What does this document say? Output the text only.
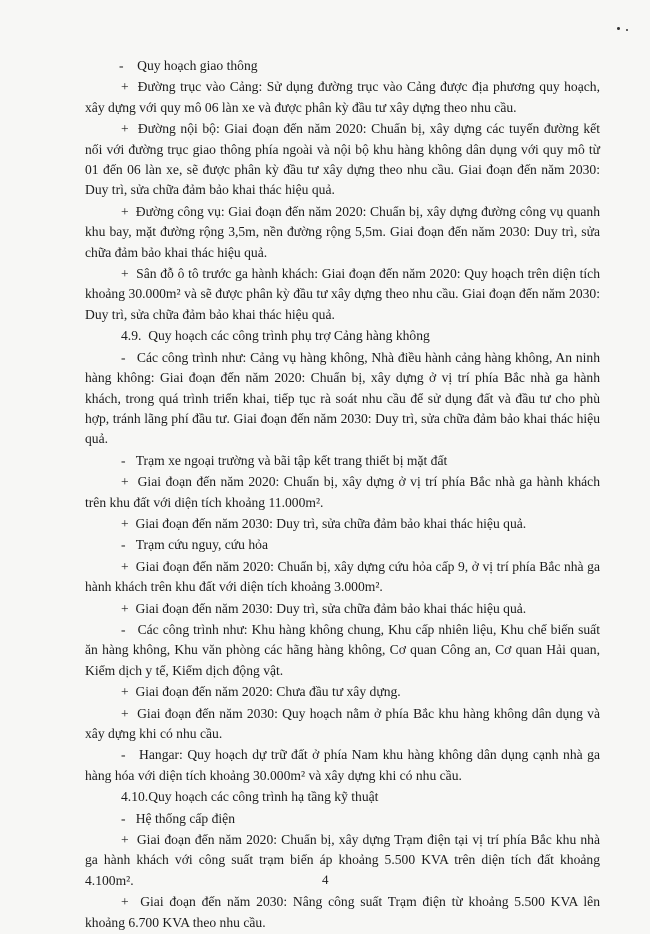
-    Quy hoạch giao thông

+  Đường trục vào Cảng: Sử dụng đường trục vào Cảng được địa phương quy hoạch, xây dựng với quy mô 06 làn xe và được phân kỳ đầu tư xây dựng theo nhu cầu.

+  Đường nội bộ: Giai đoạn đến năm 2020: Chuẩn bị, xây dựng các tuyến đường kết nối với đường trục giao thông phía ngoài và nội bộ khu hàng không dân dụng với quy mô từ 01 đến 06 làn xe, sẽ được phân kỳ đầu tư xây dựng theo nhu cầu. Giai đoạn đến năm 2030: Duy trì, sửa chữa đảm bảo khai thác hiệu quả.

+  Đường công vụ: Giai đoạn đến năm 2020: Chuẩn bị, xây dựng đường công vụ quanh khu bay, mặt đường rộng 3,5m, nền đường rộng 5,5m. Giai đoạn đến năm 2030: Duy trì, sửa chữa đảm bảo khai thác hiệu quả.

+  Sân đỗ ô tô trước ga hành khách: Giai đoạn đến năm 2020: Quy hoạch trên diện tích khoảng 30.000m² và sẽ được phân kỳ đầu tư xây dựng theo nhu cầu. Giai đoạn đến năm 2030: Duy trì, sửa chữa đảm bảo khai thác hiệu quả.

4.9.  Quy hoạch các công trình phụ trợ Cảng hàng không

-   Các công trình như: Cảng vụ hàng không, Nhà điều hành cảng hàng không, An ninh hàng không: Giai đoạn đến năm 2020: Chuẩn bị, xây dựng ở vị trí phía Bắc nhà ga hành khách, trong quá trình triển khai, tiếp tục rà soát nhu cầu để sử dụng đất và đầu tư cho phù hợp, tránh lãng phí đầu tư. Giai đoạn đến năm 2030: Duy trì, sửa chữa đảm bảo khai thác hiệu quả.

-   Trạm xe ngoại trường và bãi tập kết trang thiết bị mặt đất

+  Giai đoạn đến năm 2020: Chuẩn bị, xây dựng ở vị trí phía Bắc nhà ga hành khách trên khu đất với diện tích khoảng 11.000m².

+  Giai đoạn đến năm 2030: Duy trì, sửa chữa đảm bảo khai thác hiệu quả.

-   Trạm cứu nguy, cứu hỏa

+  Giai đoạn đến năm 2020: Chuẩn bị, xây dựng cứu hỏa cấp 9, ở vị trí phía Bắc nhà ga hành khách trên khu đất với diện tích khoảng 3.000m².

+  Giai đoạn đến năm 2030: Duy trì, sửa chữa đảm bảo khai thác hiệu quả.

-   Các công trình như: Khu hàng không chung, Khu cấp nhiên liệu, Khu chế biến suất ăn hàng không, Khu văn phòng các hãng hàng không, Cơ quan Công an, Cơ quan Hải quan, Kiểm dịch y tế, Kiểm dịch động vật.

+  Giai đoạn đến năm 2020: Chưa đầu tư xây dựng.

+  Giai đoạn đến năm 2030: Quy hoạch nằm ở phía Bắc khu hàng không dân dụng và xây dựng khi có nhu cầu.

-   Hangar: Quy hoạch dự trữ đất ở phía Nam khu hàng không dân dụng cạnh nhà ga hàng hóa với diện tích khoảng 30.000m² và xây dựng khi có nhu cầu.

4.10.Quy hoạch các công trình hạ tầng kỹ thuật

-   Hệ thống cấp điện

+  Giai đoạn đến năm 2020: Chuẩn bị, xây dựng Trạm điện tại vị trí phía Bắc khu nhà ga hành khách với công suất trạm biến áp khoảng 5.500 KVA trên diện tích đất khoảng 4.100m².

+  Giai đoạn đến năm 2030: Nâng công suất Trạm điện từ khoảng 5.500 KVA lên khoảng 6.700 KVA theo nhu cầu.

4
